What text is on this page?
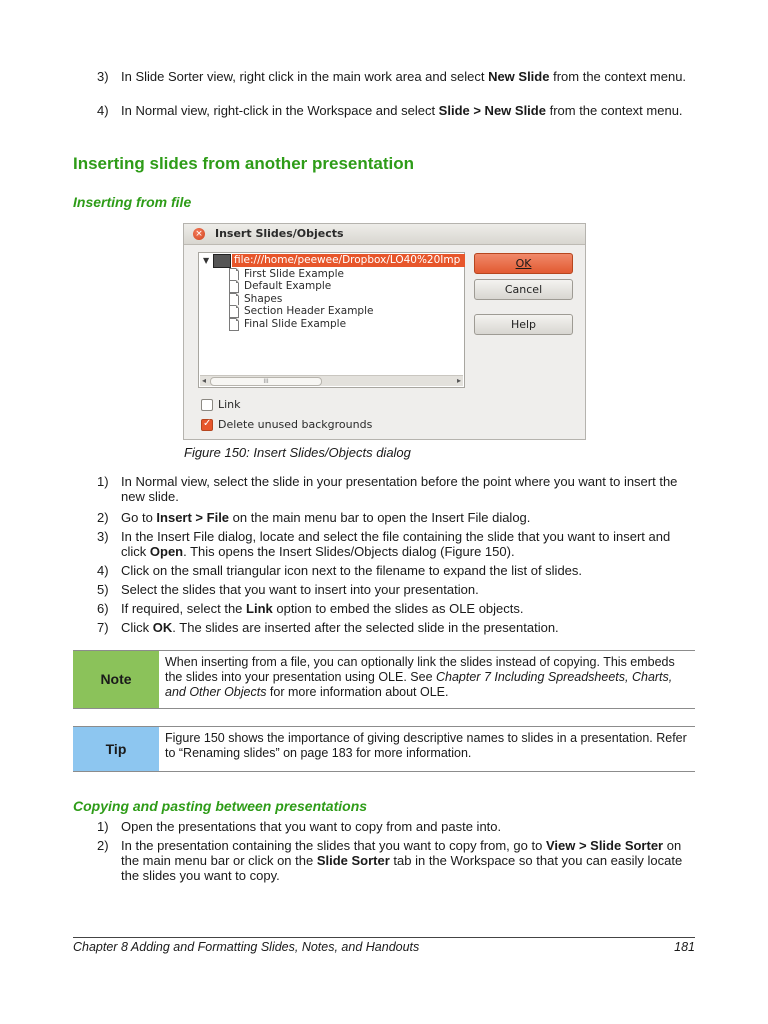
3) In Slide Sorter view, right click in the main work area and select New Slide from the context menu.
4) In Normal view, right-click in the Workspace and select Slide > New Slide from the context menu.
Inserting slides from another presentation
Inserting from file
× Insert Slides/Objects
▼ file:///home/peewee/Dropbox/LO40%20Imp
First Slide Example
Default Example
Shapes
Section Header Example
Final Slide Example
◂	III	▸
OK
Cancel
Help
Link
✓
Delete unused backgrounds
Figure 150: Insert Slides/Objects dialog
1) In Normal view, select the slide in your presentation before the point where you want to insert the new slide.
2) Go to Insert > File on the main menu bar to open the Insert File dialog.
3) In the Insert File dialog, locate and select the file containing the slide that you want to insert and click Open. This opens the Insert Slides/Objects dialog (Figure 150).
4) Click on the small triangular icon next to the filename to expand the list of slides.
5) Select the slides that you want to insert into your presentation.
6) If required, select the Link option to embed the slides as OLE objects.
7) Click OK. The slides are inserted after the selected slide in the presentation.
Note
When inserting from a file, you can optionally link the slides instead of copying. This embeds the slides into your presentation using OLE. See Chapter 7 Including Spreadsheets, Charts, and Other Objects for more information about OLE.
Tip
Figure 150 shows the importance of giving descriptive names to slides in a presentation. Refer to “Renaming slides” on page 183 for more information.
Copying and pasting between presentations
1) Open the presentations that you want to copy from and paste into.
2) In the presentation containing the slides that you want to copy from, go to View > Slide Sorter on the main menu bar or click on the Slide Sorter tab in the Workspace so that you can easily locate the slides you want to copy.
Chapter 8 Adding and Formatting Slides, Notes, and Handouts	181
